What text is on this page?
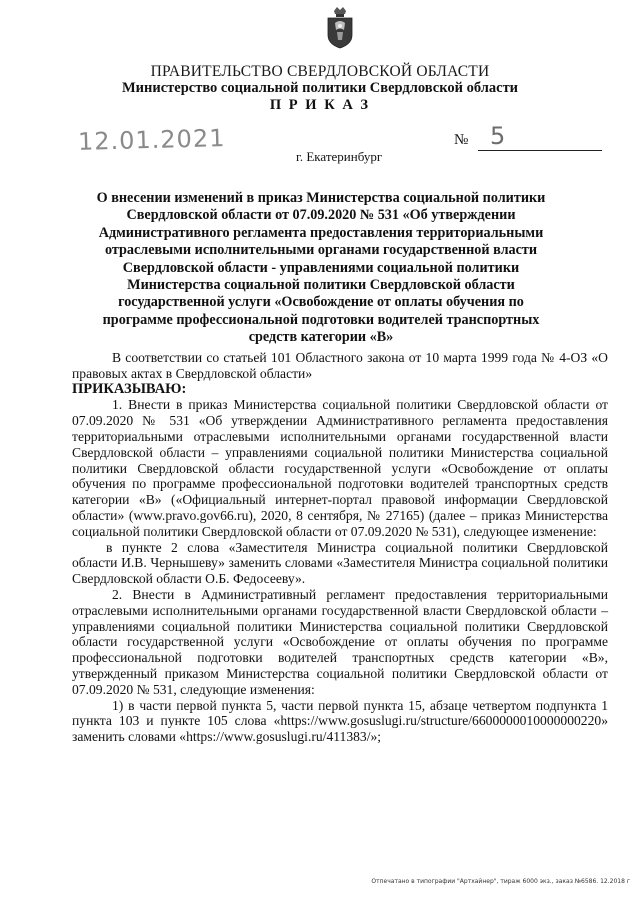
ПРАВИТЕЛЬСТВО СВЕРДЛОВСКОЙ ОБЛАСТИ
Министерство социальной политики Свердловской области
П Р И К А З
12.01.2021	№ 5
г. Екатеринбург
О внесении изменений в приказ Министерства социальной политики Свердловской области от 07.09.2020 № 531 «Об утверждении Административного регламента предоставления территориальными отраслевыми исполнительными органами государственной власти Свердловской области - управлениями социальной политики Министерства социальной политики Свердловской области государственной услуги «Освобождение от оплаты обучения по программе профессиональной подготовки водителей транспортных средств категории «В»

В соответствии со статьей 101 Областного закона от 10 марта 1999 года № 4-ОЗ «О правовых актах в Свердловской области»

ПРИКАЗЫВАЮ:

1. Внести в приказ Министерства социальной политики Свердловской области от 07.09.2020 № 531 «Об утверждении Административного регламента предоставления территориальными отраслевыми исполнительными органами государственной власти Свердловской области – управлениями социальной политики Министерства социальной политики Свердловской области государственной услуги «Освобождение от оплаты обучения по программе профессиональной подготовки водителей транспортных средств категории «В» («Официальный интернет-портал правовой информации Свердловской области» (www.pravo.gov66.ru), 2020, 8 сентября, № 27165) (далее – приказ Министерства социальной политики Свердловской области от 07.09.2020 № 531), следующее изменение:

в пункте 2 слова «Заместителя Министра социальной политики Свердловской области И.В. Чернышеву» заменить словами «Заместителя Министра социальной политики Свердловской области О.Б. Федосееву».

2. Внести в Административный регламент предоставления территориальными отраслевыми исполнительными органами государственной власти Свердловской области – управлениями социальной политики Министерства социальной политики Свердловской области государственной услуги «Освобождение от оплаты обучения по программе профессиональной подготовки водителей транспортных средств категории «В», утвержденный приказом Министерства социальной политики Свердловской области от 07.09.2020 № 531, следующие изменения:

1) в части первой пункта 5, части первой пункта 15, абзаце четвертом подпункта 1 пункта 103 и пункте 105 слова «https://www.gosuslugi.ru/structure/6600000010000000220» заменить словами «https://www.gosuslugi.ru/411383/»;

Отпечатано в типографии "Артхайнер", тираж 6000 экз., заказ №6586. 12.2018 г
